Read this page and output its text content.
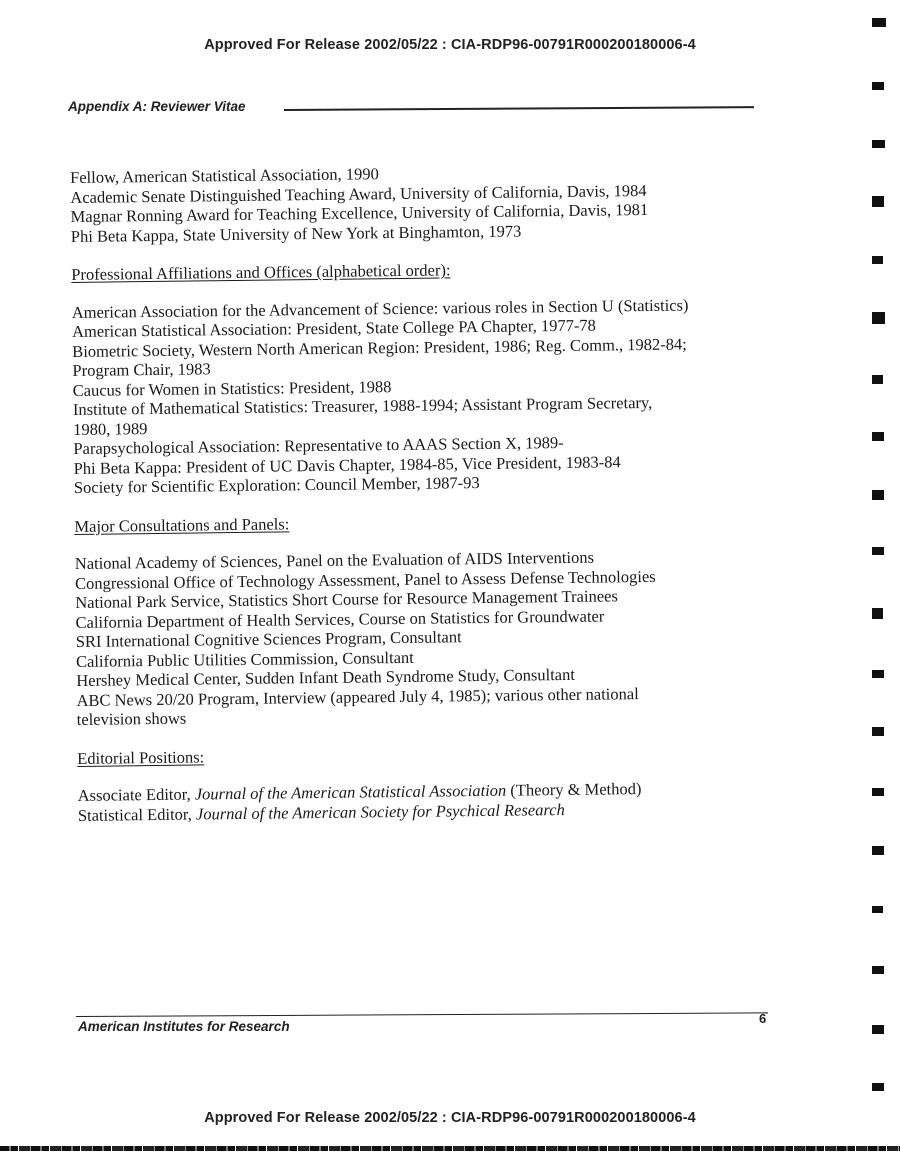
Approved For Release 2002/05/22 : CIA-RDP96-00791R000200180006-4
Appendix A: Reviewer Vitae
Fellow, American Statistical Association, 1990
Academic Senate Distinguished Teaching Award, University of California, Davis, 1984
Magnar Ronning Award for Teaching Excellence, University of California, Davis, 1981
Phi Beta Kappa, State University of New York at Binghamton, 1973
Professional Affiliations and Offices (alphabetical order):
American Association for the Advancement of Science: various roles in Section U (Statistics)
American Statistical Association: President, State College PA Chapter, 1977-78
Biometric Society, Western North American Region: President, 1986; Reg. Comm., 1982-84;
Program Chair, 1983
Caucus for Women in Statistics: President, 1988
Institute of Mathematical Statistics: Treasurer, 1988-1994; Assistant Program Secretary,
1980, 1989
Parapsychological Association: Representative to AAAS Section X, 1989-
Phi Beta Kappa: President of UC Davis Chapter, 1984-85, Vice President, 1983-84
Society for Scientific Exploration: Council Member, 1987-93
Major Consultations and Panels:
National Academy of Sciences, Panel on the Evaluation of AIDS Interventions
Congressional Office of Technology Assessment, Panel to Assess Defense Technologies
National Park Service, Statistics Short Course for Resource Management Trainees
California Department of Health Services, Course on Statistics for Groundwater
SRI International Cognitive Sciences Program, Consultant
California Public Utilities Commission, Consultant
Hershey Medical Center, Sudden Infant Death Syndrome Study, Consultant
ABC News 20/20 Program, Interview (appeared July 4, 1985); various other national
television shows
Editorial Positions:
Associate Editor, Journal of the American Statistical Association (Theory & Method)
Statistical Editor, Journal of the American Society for Psychical Research
American Institutes for Research
6
Approved For Release 2002/05/22 : CIA-RDP96-00791R000200180006-4
